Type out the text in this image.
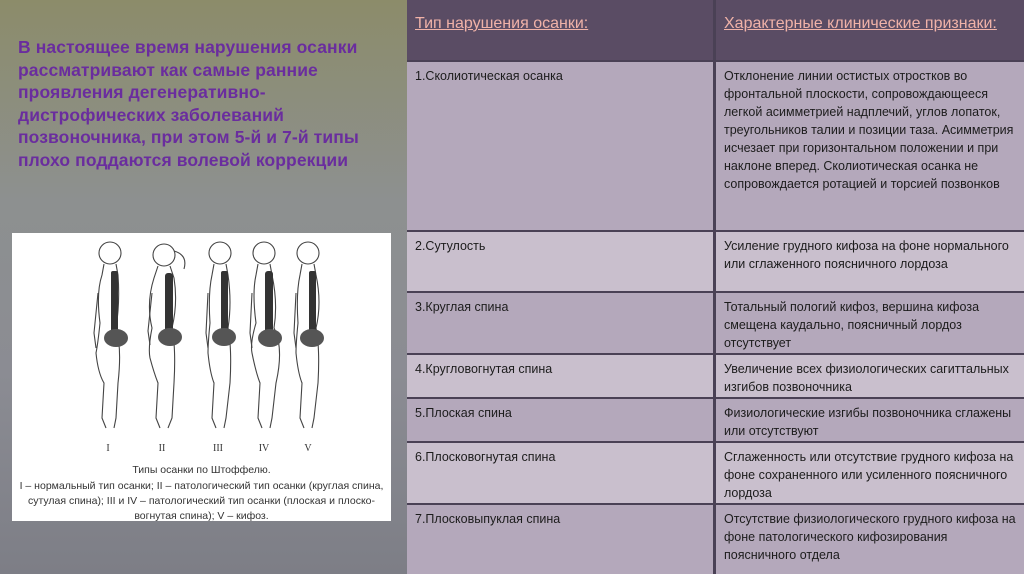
В настоящее время нарушения осанки рассматривают как самые ранние проявления дегенеративно-дистрофических заболеваний позвоночника, при этом 5-й и 7-й типы плохо поддаются волевой коррекции
I	II	III	IV	V
Типы осанки по Штоффелю.
I – нормальный тип осанки; II – патологический тип осанки (круглая спина, сутулая спина); III и IV – патологический тип осанки (плоская и плоско-вогнутая спина); V – кифоз.
Тип нарушения осанки:	Характерные клинические признаки:
1.Сколиотическая осанка	Отклонение линии остистых отростков во фронтальной плоскости, сопровождающееся легкой асимметрией надплечий, углов лопаток, треугольников талии и позиции таза. Асимметрия исчезает при горизонтальном положении и при наклоне вперед. Сколиотическая осанка не сопровождается ротацией и торсией позвонков
2.Сутулость	Усиление грудного кифоза на фоне нормального или сглаженного поясничного лордоза
3.Круглая спина	Тотальный пологий кифоз, вершина кифоза смещена каудально, поясничный лордоз отсутствует
4.Кругловогнутая спина	Увеличение всех физиологических сагиттальных изгибов позвоночника
5.Плоская спина	Физиологические изгибы позвоночника сглажены или отсутствуют
6.Плосковогнутая спина	Сглаженность или отсутствие грудного кифоза на фоне сохраненного или усиленного поясничного лордоза
7.Плосковыпуклая спина	Отсутствие физиологического грудного кифоза на фоне патологического кифозирования поясничного отдела
